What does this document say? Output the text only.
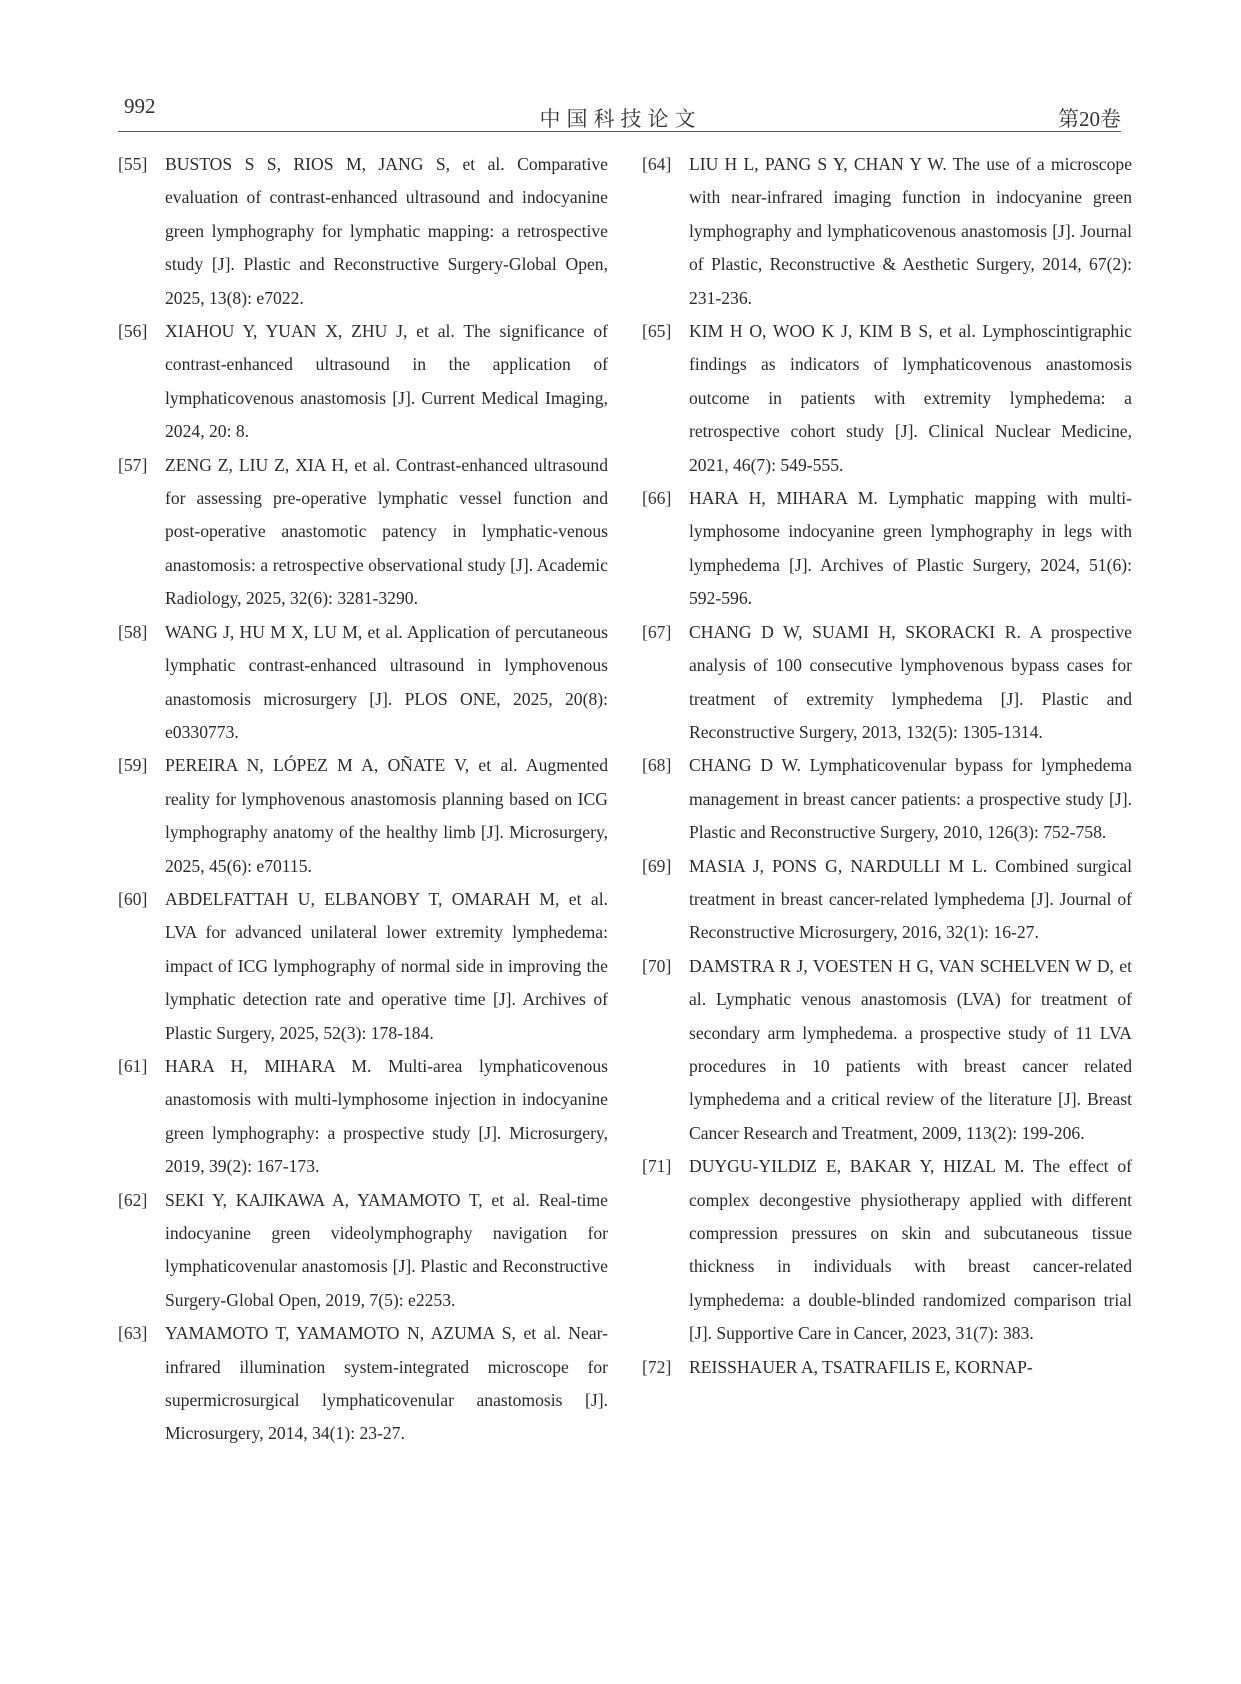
992
中国科技论文	第20卷
[55]	BUSTOS S S, RIOS M, JANG S, et al. Comparative evaluation of contrast-enhanced ultrasound and indocyanine green lymphography for lymphatic mapping: a retrospective study [J]. Plastic and Reconstructive Surgery-Global Open, 2025, 13(8): e7022.
[56]	XIAHOU Y, YUAN X, ZHU J, et al. The significance of contrast-enhanced ultrasound in the application of lymphaticovenous anastomosis [J]. Current Medical Imaging, 2024, 20: 8.
[57]	ZENG Z, LIU Z, XIA H, et al. Contrast-enhanced ultrasound for assessing pre-operative lymphatic vessel function and post-operative anastomotic patency in lymphatic-venous anastomosis: a retrospective observational study [J]. Academic Radiology, 2025, 32(6): 3281-3290.
[58]	WANG J, HU M X, LU M, et al. Application of percutaneous lymphatic contrast-enhanced ultrasound in lymphovenous anastomosis microsurgery [J]. PLOS ONE, 2025, 20(8): e0330773.
[59]	PEREIRA N, LÓPEZ M A, OÑATE V, et al. Augmented reality for lymphovenous anastomosis planning based on ICG lymphography anatomy of the healthy limb [J]. Microsurgery, 2025, 45(6): e70115.
[60]	ABDELFATTAH U, ELBANOBY T, OMARAH M, et al. LVA for advanced unilateral lower extremity lymphedema: impact of ICG lymphography of normal side in improving the lymphatic detection rate and operative time [J]. Archives of Plastic Surgery, 2025, 52(3): 178-184.
[61]	HARA H, MIHARA M. Multi-area lymphaticovenous anastomosis with multi-lymphosome injection in indocyanine green lymphography: a prospective study [J]. Microsurgery, 2019, 39(2): 167-173.
[62]	SEKI Y, KAJIKAWA A, YAMAMOTO T, et al. Real-time indocyanine green videolymphography navigation for lymphaticovenular anastomosis [J]. Plastic and Reconstructive Surgery-Global Open, 2019, 7(5): e2253.
[63]	YAMAMOTO T, YAMAMOTO N, AZUMA S, et al. Near-infrared illumination system-integrated microscope for supermicrosurgical lymphaticovenular anastomosis [J]. Microsurgery, 2014, 34(1): 23-27.
[64]	LIU H L, PANG S Y, CHAN Y W. The use of a microscope with near-infrared imaging function in indocyanine green lymphography and lymphaticovenous anastomosis [J]. Journal of Plastic, Reconstructive & Aesthetic Surgery, 2014, 67(2): 231-236.
[65]	KIM H O, WOO K J, KIM B S, et al. Lymphoscintigraphic findings as indicators of lymphaticovenous anastomosis outcome in patients with extremity lymphedema: a retrospective cohort study [J]. Clinical Nuclear Medicine, 2021, 46(7): 549-555.
[66]	HARA H, MIHARA M. Lymphatic mapping with multi-lymphosome indocyanine green lymphography in legs with lymphedema [J]. Archives of Plastic Surgery, 2024, 51(6): 592-596.
[67]	CHANG D W, SUAMI H, SKORACKI R. A prospective analysis of 100 consecutive lymphovenous bypass cases for treatment of extremity lymphedema [J]. Plastic and Reconstructive Surgery, 2013, 132(5): 1305-1314.
[68]	CHANG D W. Lymphaticovenular bypass for lymphedema management in breast cancer patients: a prospective study [J]. Plastic and Reconstructive Surgery, 2010, 126(3): 752-758.
[69]	MASIA J, PONS G, NARDULLI M L. Combined surgical treatment in breast cancer-related lymphedema [J]. Journal of Reconstructive Microsurgery, 2016, 32(1): 16-27.
[70]	DAMSTRA R J, VOESTEN H G, VAN SCHELVEN W D, et al. Lymphatic venous anastomosis (LVA) for treatment of secondary arm lymphedema. a prospective study of 11 LVA procedures in 10 patients with breast cancer related lymphedema and a critical review of the literature [J]. Breast Cancer Research and Treatment, 2009, 113(2): 199-206.
[71]	DUYGU-YILDIZ E, BAKAR Y, HIZAL M. The effect of complex decongestive physiotherapy applied with different compression pressures on skin and subcutaneous tissue thickness in individuals with breast cancer-related lymphedema: a double-blinded randomized comparison trial [J]. Supportive Care in Cancer, 2023, 31(7): 383.
[72]	REISSHAUER A, TSATRAFILIS E, KORNAP-
